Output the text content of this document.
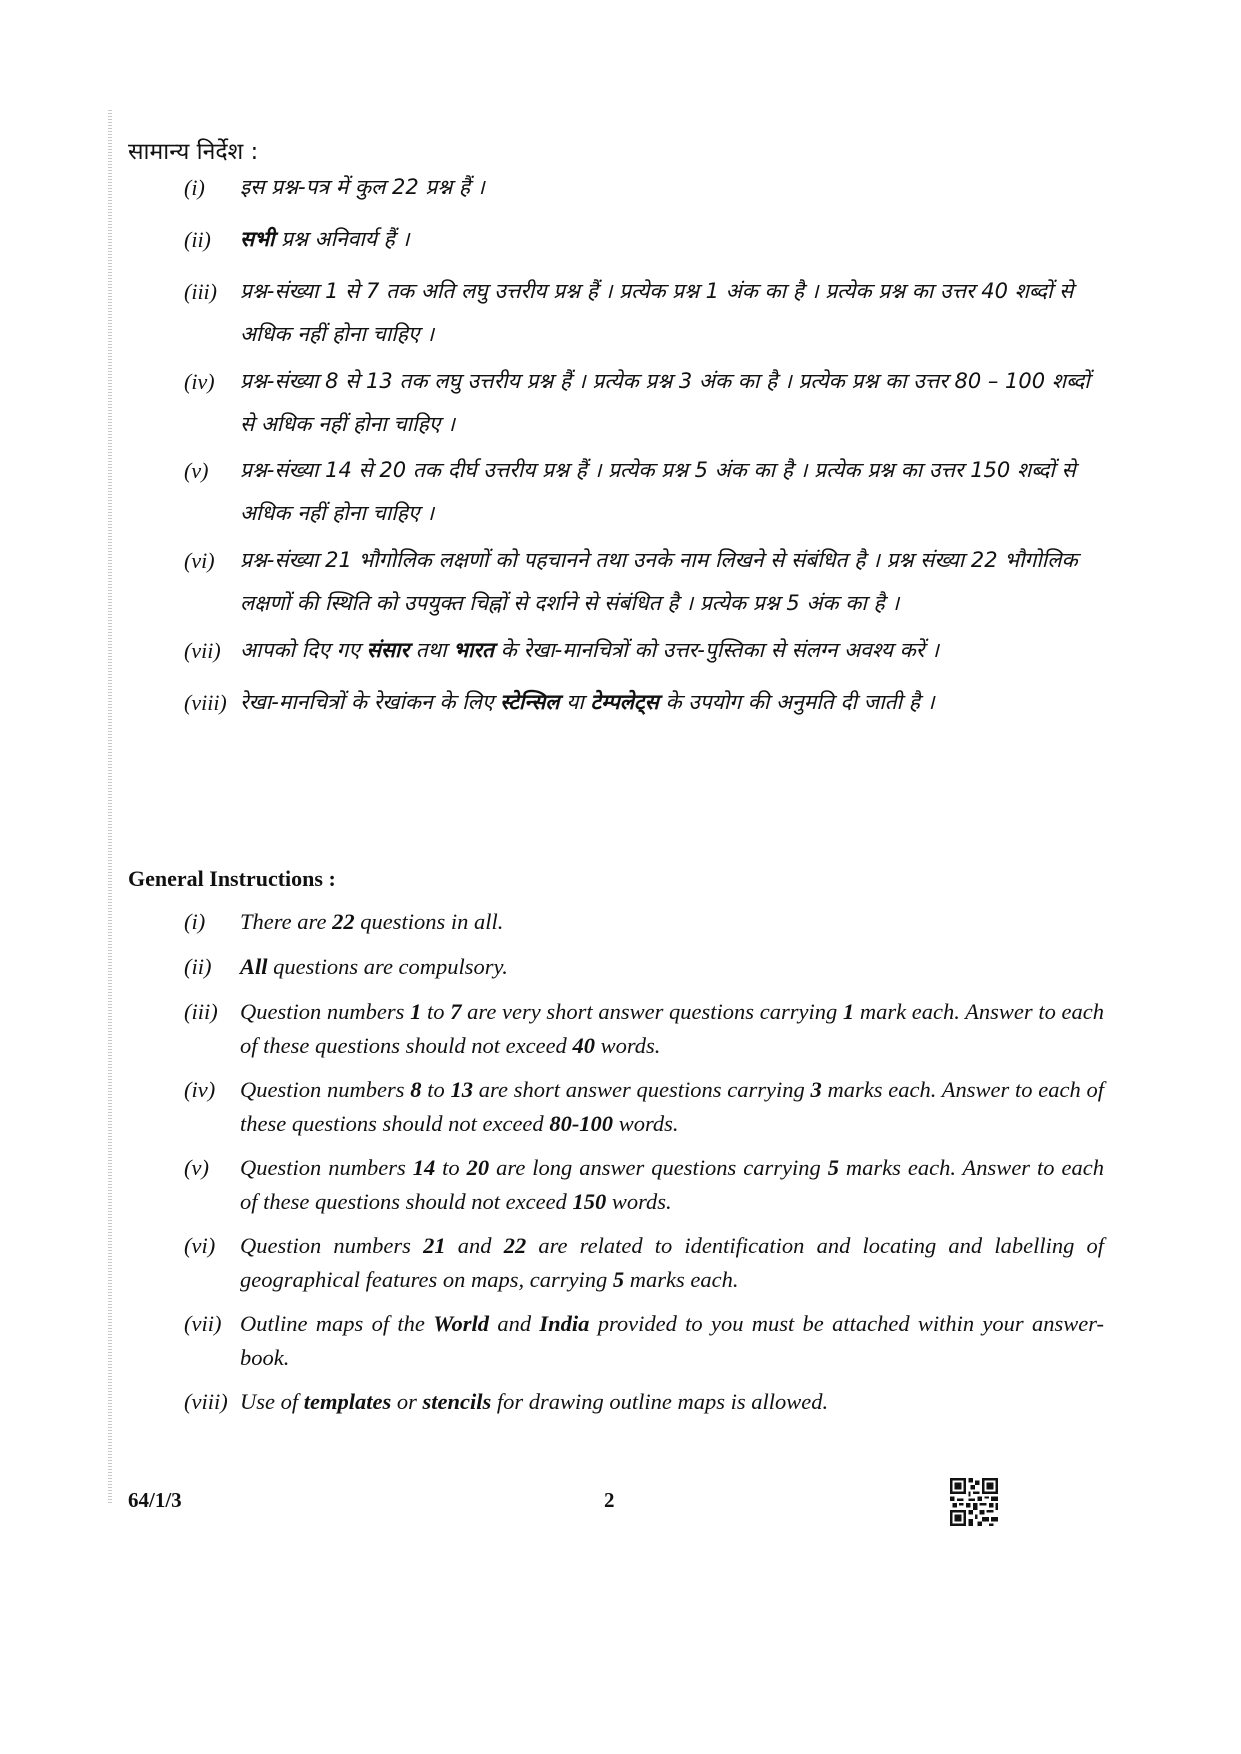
सामान्य निर्देश :
(i)	इस प्रश्न-पत्र में कुल 22 प्रश्न हैं ।
(ii)	सभी प्रश्न अनिवार्य हैं ।
(iii)	प्रश्न-संख्या 1 से 7 तक अति लघु उत्तरीय प्रश्न हैं । प्रत्येक प्रश्न 1 अंक का है । प्रत्येक प्रश्न का उत्तर 40 शब्दों से अधिक नहीं होना चाहिए ।
(iv)	प्रश्न-संख्या 8 से 13 तक लघु उत्तरीय प्रश्न हैं । प्रत्येक प्रश्न 3 अंक का है । प्रत्येक प्रश्न का उत्तर 80 – 100 शब्दों से अधिक नहीं होना चाहिए ।
(v)	प्रश्न-संख्या 14 से 20 तक दीर्घ उत्तरीय प्रश्न हैं । प्रत्येक प्रश्न 5 अंक का है । प्रत्येक प्रश्न का उत्तर 150 शब्दों से अधिक नहीं होना चाहिए ।
(vi)	प्रश्न-संख्या 21 भौगोलिक लक्षणों को पहचानने तथा उनके नाम लिखने से संबंधित है । प्रश्न संख्या 22 भौगोलिक लक्षणों की स्थिति को उपयुक्त चिह्नों से दर्शाने से संबंधित है । प्रत्येक प्रश्न 5 अंक का है ।
(vii) आपको दिए गए संसार तथा भारत के रेखा-मानचित्रों को उत्तर-पुस्तिका से संलग्न अवश्य करें ।
(viii) रेखा-मानचित्रों के रेखांकन के लिए स्टेन्सिल या टेम्पलेट्स के उपयोग की अनुमति दी जाती है ।
General Instructions :
(i)	There are 22 questions in all.
(ii)	All questions are compulsory.
(iii) Question numbers 1 to 7 are very short answer questions carrying 1 mark each. Answer to each of these questions should not exceed 40 words.
(iv)	Question numbers 8 to 13 are short answer questions carrying 3 marks each. Answer to each of these questions should not exceed 80-100 words.
(v)	Question numbers 14 to 20 are long answer questions carrying 5 marks each. Answer to each of these questions should not exceed 150 words.
(vi)	Question numbers 21 and 22 are related to identification and locating and labelling of geographical features on maps, carrying 5 marks each.
(vii) Outline maps of the World and India provided to you must be attached within your answer-book.
(viii) Use of templates or stencils for drawing outline maps is allowed.
64/1/3	2
